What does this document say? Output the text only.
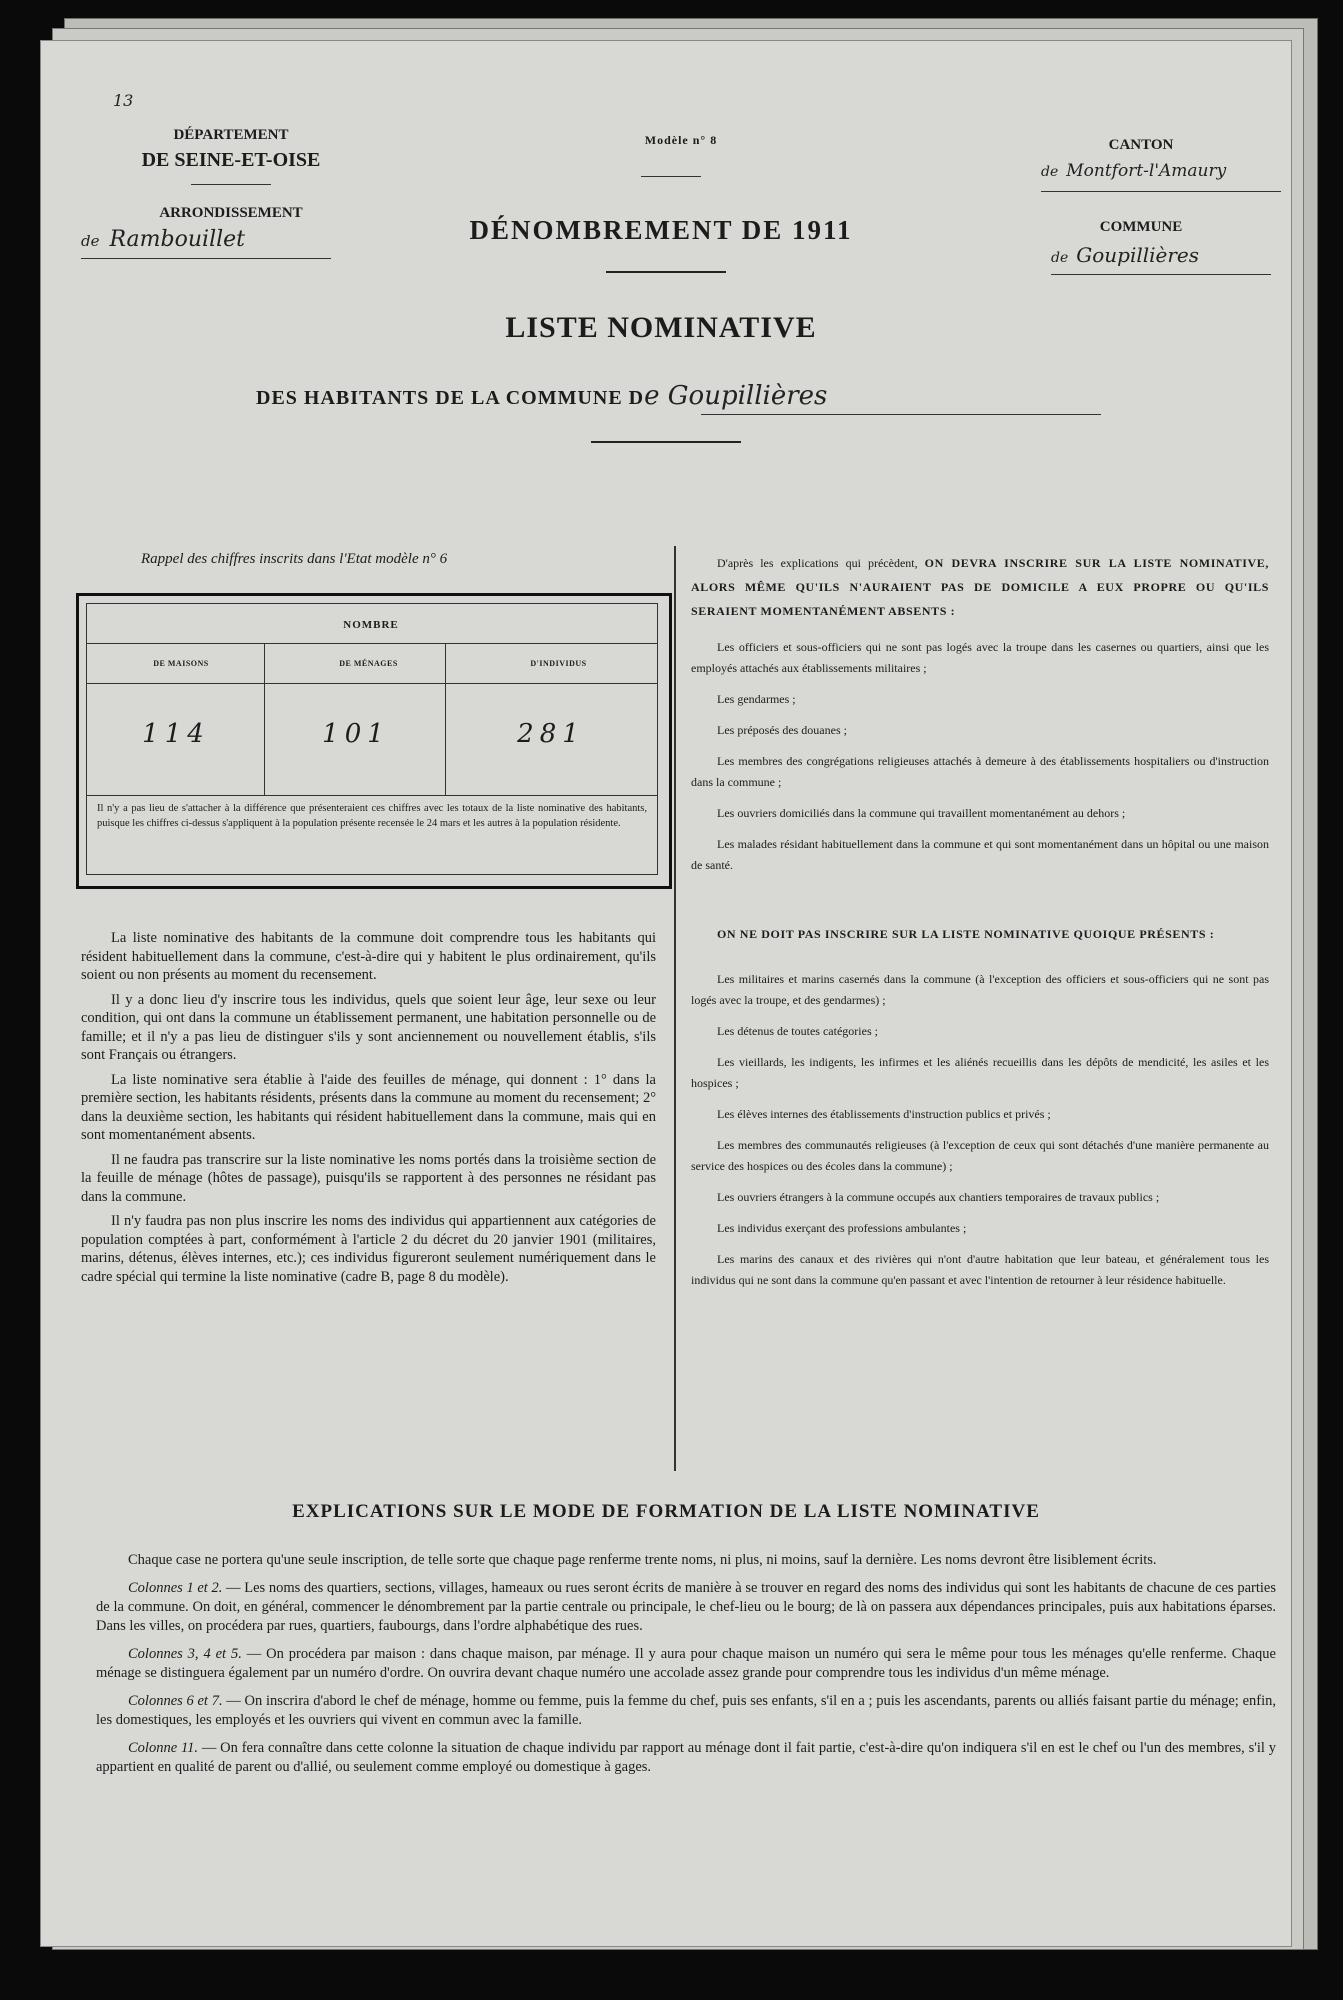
13
DÉPARTEMENT
DE SEINE-ET-OISE
ARRONDISSEMENT
de Rambouillet
Modèle n° 8
DÉNOMBREMENT DE 1911
CANTON
de Montfort-l'Amaury
COMMUNE
de Goupillières
LISTE NOMINATIVE
DES HABITANTS DE LA COMMUNE De Goupillières
Rappel des chiffres inscrits dans l'Etat modèle n° 6
NOMBRE
DE MAISONS	DE MÉNAGES	D'INDIVIDUS
114	101	281
Il n'y a pas lieu de s'attacher à la différence que présenteraient ces chiffres avec les totaux de la liste nominative des habitants, puisque les chiffres ci-dessus s'appliquent à la population présente recensée le 24 mars et les autres à la population résidente.

La liste nominative des habitants de la commune doit comprendre tous les habitants qui résident habituellement dans la commune, c'est-à-dire qui y habitent le plus ordinairement, qu'ils soient ou non présents au moment du recensement.

Il y a donc lieu d'y inscrire tous les individus, quels que soient leur âge, leur sexe ou leur condition, qui ont dans la commune un établissement permanent, une habitation personnelle ou de famille; et il n'y a pas lieu de distinguer s'ils y sont anciennement ou nouvellement établis, s'ils sont Français ou étrangers.

La liste nominative sera établie à l'aide des feuilles de ménage, qui donnent : 1° dans la première section, les habitants résidents, présents dans la commune au moment du recensement; 2° dans la deuxième section, les habitants qui résident habituellement dans la commune, mais qui en sont momentanément absents.

Il ne faudra pas transcrire sur la liste nominative les noms portés dans la troisième section de la feuille de ménage (hôtes de passage), puisqu'ils se rapportent à des personnes ne résidant pas dans la commune.

Il n'y faudra pas non plus inscrire les noms des individus qui appartiennent aux catégories de population comptées à part, conformément à l'article 2 du décret du 20 janvier 1901 (militaires, marins, détenus, élèves internes, etc.); ces individus figureront seulement numériquement dans le cadre spécial qui termine la liste nominative (cadre B, page 8 du modèle).

D'après les explications qui précèdent, ON DEVRA INSCRIRE SUR LA LISTE NOMINATIVE, ALORS MÊME QU'ILS N'AURAIENT PAS DE DOMICILE A EUX PROPRE OU QU'ILS SERAIENT MOMENTANÉMENT ABSENTS :

Les officiers et sous-officiers qui ne sont pas logés avec la troupe dans les casernes ou quartiers, ainsi que les employés attachés aux établissements militaires ;

Les gendarmes ;

Les préposés des douanes ;

Les membres des congrégations religieuses attachés à demeure à des établissements hospitaliers ou d'instruction dans la commune ;

Les ouvriers domiciliés dans la commune qui travaillent momentanément au dehors ;

Les malades résidant habituellement dans la commune et qui sont momentanément dans un hôpital ou une maison de santé.

ON NE DOIT PAS INSCRIRE SUR LA LISTE NOMINATIVE QUOIQUE PRÉSENTS :

Les militaires et marins casernés dans la commune (à l'exception des officiers et sous-officiers qui ne sont pas logés avec la troupe, et des gendarmes) ;

Les détenus de toutes catégories ;

Les vieillards, les indigents, les infirmes et les aliénés recueillis dans les dépôts de mendicité, les asiles et les hospices ;

Les élèves internes des établissements d'instruction publics et privés ;

Les membres des communautés religieuses (à l'exception de ceux qui sont détachés d'une manière permanente au service des hospices ou des écoles dans la commune) ;

Les ouvriers étrangers à la commune occupés aux chantiers temporaires de travaux publics ;

Les individus exerçant des professions ambulantes ;

Les marins des canaux et des rivières qui n'ont d'autre habitation que leur bateau, et généralement tous les individus qui ne sont dans la commune qu'en passant et avec l'intention de retourner à leur résidence habituelle.

EXPLICATIONS SUR LE MODE DE FORMATION DE LA LISTE NOMINATIVE

Chaque case ne portera qu'une seule inscription, de telle sorte que chaque page renferme trente noms, ni plus, ni moins, sauf la dernière. Les noms devront être lisiblement écrits.

Colonnes 1 et 2. — Les noms des quartiers, sections, villages, hameaux ou rues seront écrits de manière à se trouver en regard des noms des individus qui sont les habitants de chacune de ces parties de la commune. On doit, en général, commencer le dénombrement par la partie centrale ou principale, le chef-lieu ou le bourg; de là on passera aux dépendances principales, puis aux habitations éparses. Dans les villes, on procédera par rues, quartiers, faubourgs, dans l'ordre alphabétique des rues.

Colonnes 3, 4 et 5. — On procédera par maison : dans chaque maison, par ménage. Il y aura pour chaque maison un numéro qui sera le même pour tous les ménages qu'elle renferme. Chaque ménage se distinguera également par un numéro d'ordre. On ouvrira devant chaque numéro une accolade assez grande pour comprendre tous les individus d'un même ménage.

Colonnes 6 et 7. — On inscrira d'abord le chef de ménage, homme ou femme, puis la femme du chef, puis ses enfants, s'il en a ; puis les ascendants, parents ou alliés faisant partie du ménage; enfin, les domestiques, les employés et les ouvriers qui vivent en commun avec la famille.

Colonne 11. — On fera connaître dans cette colonne la situation de chaque individu par rapport au ménage dont il fait partie, c'est-à-dire qu'on indiquera s'il en est le chef ou l'un des membres, s'il y appartient en qualité de parent ou d'allié, ou seulement comme employé ou domestique à gages.
